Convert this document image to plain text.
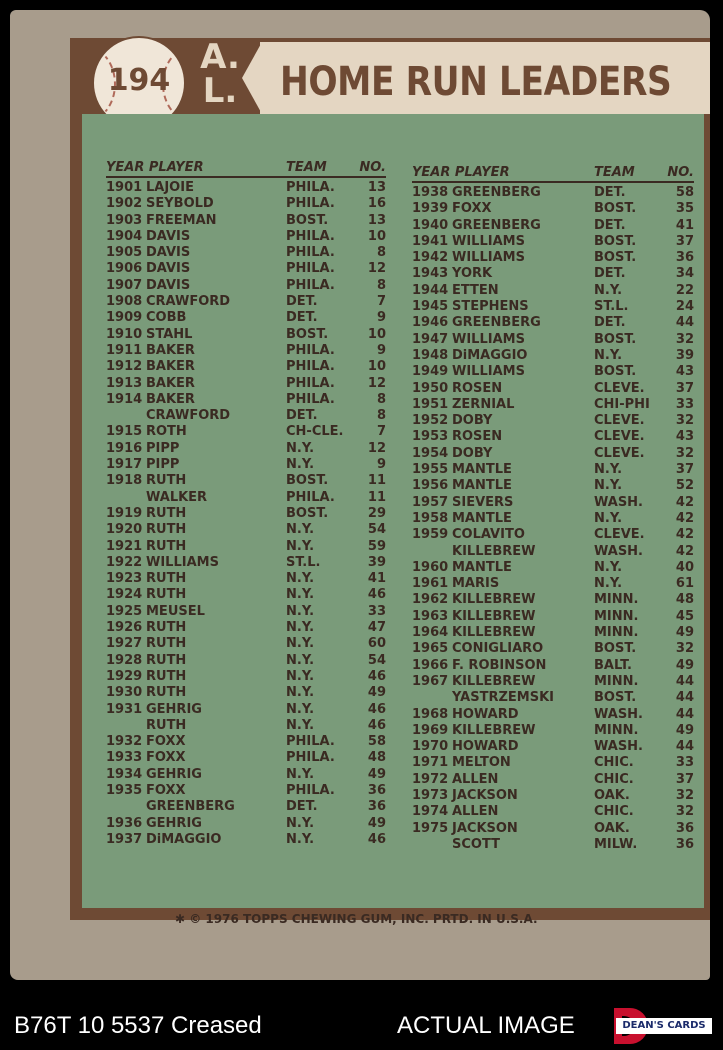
HOME RUN LEADERS
A.
L.
194
YEAR PLAYER	TEAM	NO.
1901 LAJOIE	PHILA.	13
1902 SEYBOLD	PHILA.	16
1903 FREEMAN	BOST.	13
1904 DAVIS	PHILA.	10
1905 DAVIS	PHILA.	8
1906 DAVIS	PHILA.	12
1907 DAVIS	PHILA.	8
1908 CRAWFORD	DET.	7
1909 COBB	DET.	9
1910 STAHL	BOST.	10
1911 BAKER	PHILA.	9
1912 BAKER	PHILA.	10
1913 BAKER	PHILA.	12
1914 BAKER	PHILA.	8
CRAWFORD	DET.	8
1915 ROTH	CH-CLE.	7
1916 PIPP	N.Y.	12
1917 PIPP	N.Y.	9
1918 RUTH	BOST.	11
WALKER	PHILA.	11
1919 RUTH	BOST.	29
1920 RUTH	N.Y.	54
1921 RUTH	N.Y.	59
1922 WILLIAMS	ST.L.	39
1923 RUTH	N.Y.	41
1924 RUTH	N.Y.	46
1925 MEUSEL	N.Y.	33
1926 RUTH	N.Y.	47
1927 RUTH	N.Y.	60
1928 RUTH	N.Y.	54
1929 RUTH	N.Y.	46
1930 RUTH	N.Y.	49
1931 GEHRIG	N.Y.	46
RUTH	N.Y.	46
1932 FOXX	PHILA.	58
1933 FOXX	PHILA.	48
1934 GEHRIG	N.Y.	49
1935 FOXX	PHILA.	36
GREENBERG	DET.	36
1936 GEHRIG	N.Y.	49
1937 DiMAGGIO	N.Y.	46
YEAR PLAYER	TEAM	NO.
1938 GREENBERG	DET.	58
1939 FOXX	BOST.	35
1940 GREENBERG	DET.	41
1941 WILLIAMS	BOST.	37
1942 WILLIAMS	BOST.	36
1943 YORK	DET.	34
1944 ETTEN	N.Y.	22
1945 STEPHENS	ST.L.	24
1946 GREENBERG	DET.	44
1947 WILLIAMS	BOST.	32
1948 DiMAGGIO	N.Y.	39
1949 WILLIAMS	BOST.	43
1950 ROSEN	CLEVE. 37
1951 ZERNIAL	CHI-PHI 33
1952 DOBY	CLEVE. 32
1953 ROSEN	CLEVE. 43
1954 DOBY	CLEVE. 32
1955 MANTLE	N.Y.	37
1956 MANTLE	N.Y.	52
1957 SIEVERS	WASH.	42
1958 MANTLE	N.Y.	42
1959 COLAVITO	CLEVE. 42
KILLEBREW	WASH.	42
1960 MANTLE	N.Y.	40
1961 MARIS	N.Y.	61
1962 KILLEBREW	MINN.	48
1963 KILLEBREW	MINN.	45
1964 KILLEBREW	MINN.	49
1965 CONIGLIARO	BOST.	32
1966 F. ROBINSON	BALT.	49
1967 KILLEBREW	MINN.	44
YASTRZEMSKI	BOST.	44
1968 HOWARD	WASH.	44
1969 KILLEBREW	MINN.	49
1970 HOWARD	WASH.	44
1971 MELTON	CHIC.	33
1972 ALLEN	CHIC.	37
1973 JACKSON	OAK.	32
1974 ALLEN	CHIC.	32
1975 JACKSON	OAK.	36
SCOTT	MILW.	36
✱ © 1976 TOPPS CHEWING GUM, INC. PRTD. IN U.S.A.
B76T 10 5537 Creased	ACTUAL IMAGE	DEAN'S CARDS
